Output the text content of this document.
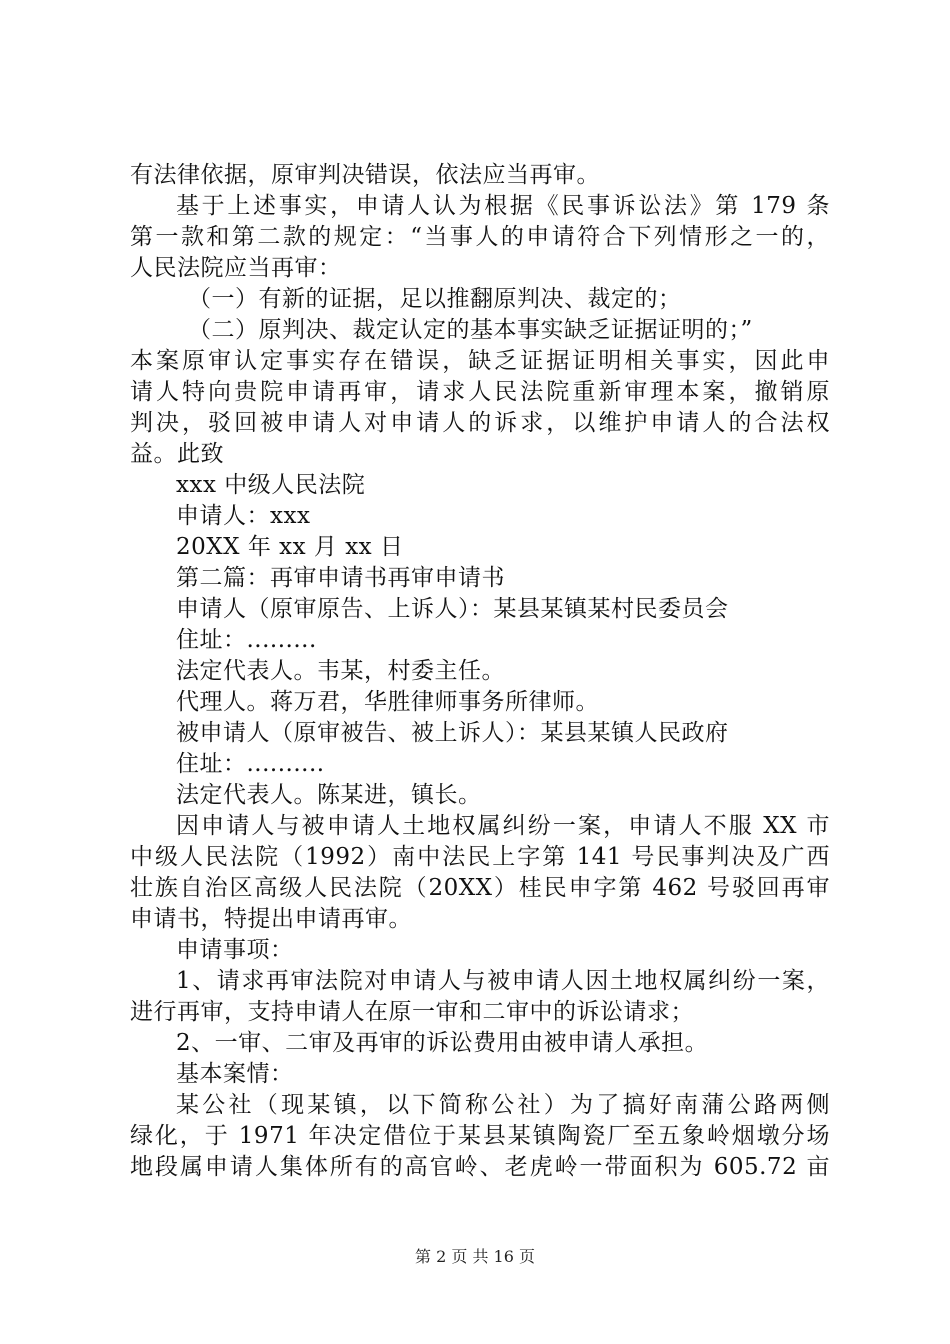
有法律依据，原审判决错误，依法应当再审。
基于上述事实，申请人认为根据《民事诉讼法》第 179 条
第一款和第二款的规定：“当事人的申请符合下列情形之一的，
人民法院应当再审：
（一）有新的证据，足以推翻原判决、裁定的；
（二）原判决、裁定认定的基本事实缺乏证据证明的；”
本案原审认定事实存在错误，缺乏证据证明相关事实，因此申
请人特向贵院申请再审，请求人民法院重新审理本案，撤销原
判决，驳回被申请人对申请人的诉求，以维护申请人的合法权
益。此致
xxx 中级人民法院
申请人：xxx
20XX 年 xx 月 xx 日
第二篇：再审申请书再审申请书
申请人（原审原告、上诉人）：某县某镇某村民委员会
住址：.........
法定代表人。韦某，村委主任。
代理人。蒋万君，华胜律师事务所律师。
被申请人（原审被告、被上诉人）：某县某镇人民政府
住址：..........
法定代表人。陈某进，镇长。
因申请人与被申请人土地权属纠纷一案，申请人不服 XX 市
中级人民法院（1992）南中法民上字第 141 号民事判决及广西
壮族自治区高级人民法院（20XX）桂民申字第 462 号驳回再审
申请书，特提出申请再审。
申请事项：
1、请求再审法院对申请人与被申请人因土地权属纠纷一案，
进行再审，支持申请人在原一审和二审中的诉讼请求；
2、一审、二审及再审的诉讼费用由被申请人承担。
基本案情：
某公社（现某镇，以下简称公社）为了搞好南蒲公路两侧
绿化，于 1971 年决定借位于某县某镇陶瓷厂至五象岭烟墩分场
地段属申请人集体所有的高官岭、老虎岭一带面积为 605.72 亩
第 2 页 共 16 页
